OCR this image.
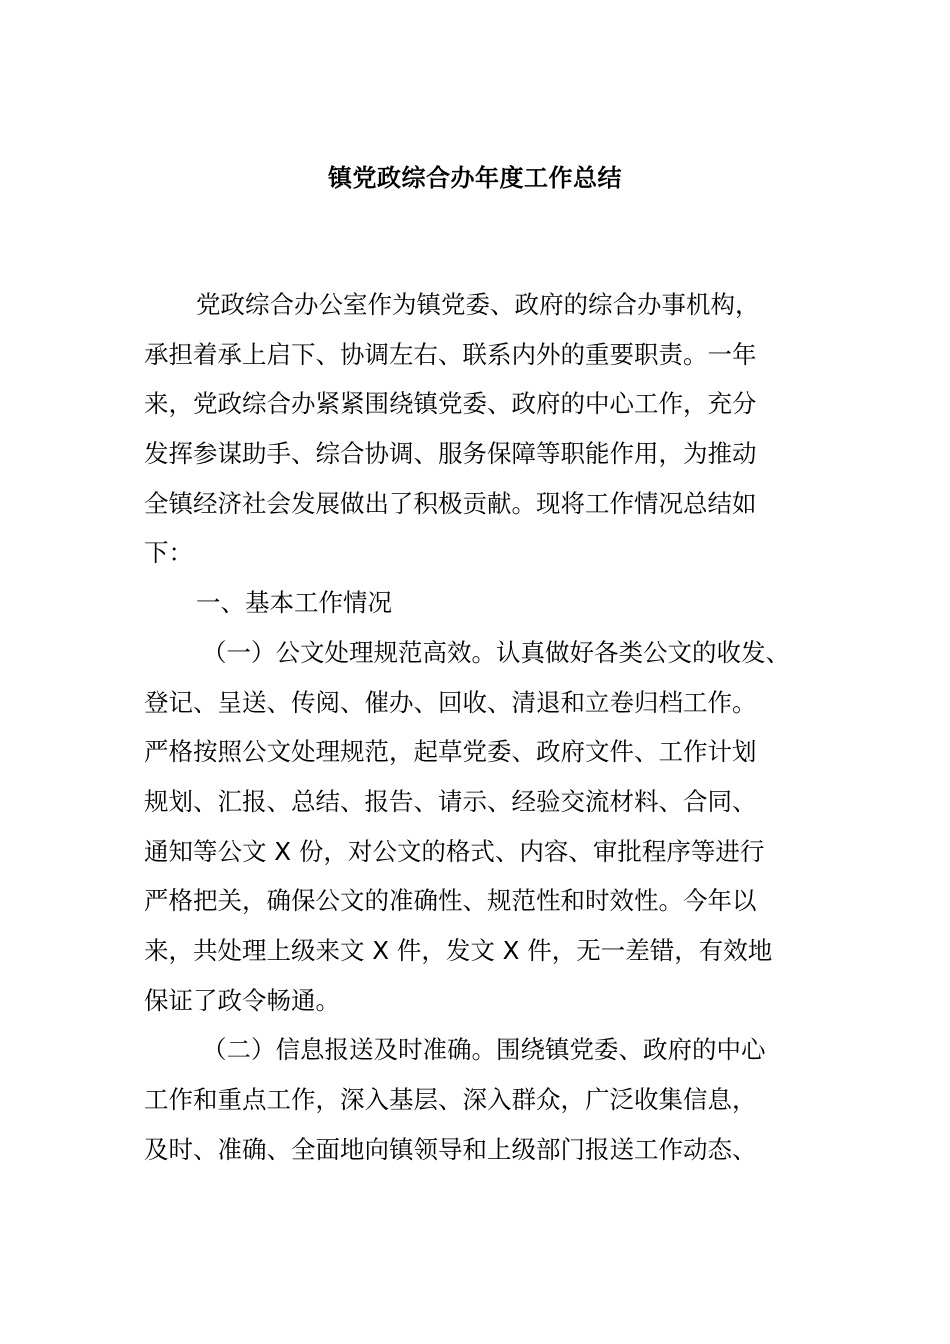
镇党政综合办年度工作总结
党政综合办公室作为镇党委、政府的综合办事机构，
承担着承上启下、协调左右、联系内外的重要职责。一年
来，党政综合办紧紧围绕镇党委、政府的中心工作，充分
发挥参谋助手、综合协调、服务保障等职能作用，为推动
全镇经济社会发展做出了积极贡献。现将工作情况总结如
下：
一、基本工作情况
（一）公文处理规范高效。认真做好各类公文的收发、
登记、呈送、传阅、催办、回收、清退和立卷归档工作。
严格按照公文处理规范，起草党委、政府文件、工作计划
规划、汇报、总结、报告、请示、经验交流材料、合同、
通知等公文 X 份，对公文的格式、内容、审批程序等进行
严格把关，确保公文的准确性、规范性和时效性。今年以
来，共处理上级来文 X 件，发文 X 件，无一差错，有效地
保证了政令畅通。
（二）信息报送及时准确。围绕镇党委、政府的中心
工作和重点工作，深入基层、深入群众，广泛收集信息，
及时、准确、全面地向镇领导和上级部门报送工作动态、
